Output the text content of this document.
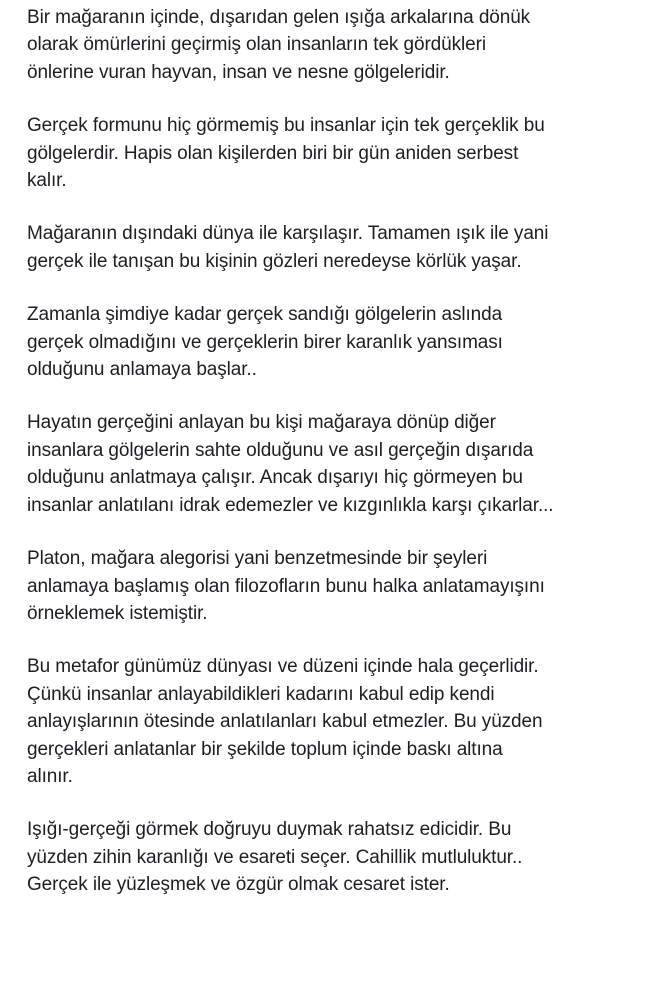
Bir mağaranın içinde, dışarıdan gelen ışığa arkalarına dönük
olarak ömürlerini geçirmiş olan insanların tek gördükleri
önlerine vuran hayvan, insan ve nesne gölgeleridir.

Gerçek formunu hiç görmemiş bu insanlar için tek gerçeklik bu
gölgelerdir. Hapis olan kişilerden biri bir gün aniden serbest
kalır.

Mağaranın dışındaki dünya ile karşılaşır. Tamamen ışık ile yani
gerçek ile tanışan bu kişinin gözleri neredeyse körlük yaşar.

Zamanla şimdiye kadar gerçek sandığı gölgelerin aslında
gerçek olmadığını ve gerçeklerin birer karanlık yansıması
olduğunu anlamaya başlar..

Hayatın gerçeğini anlayan bu kişi mağaraya dönüp diğer
insanlara gölgelerin sahte olduğunu ve asıl gerçeğin dışarıda
olduğunu anlatmaya çalışır. Ancak dışarıyı hiç görmeyen bu
insanlar anlatılanı idrak edemezler ve kızgınlıkla karşı çıkarlar...

Platon, mağara alegorisi yani benzetmesinde bir şeyleri
anlamaya başlamış olan filozofların bunu halka anlatamayışını
örneklemek istemiştir.

Bu metafor günümüz dünyası ve düzeni içinde hala geçerlidir.
Çünkü insanlar anlayabildikleri kadarını kabul edip kendi
anlayışlarının ötesinde anlatılanları kabul etmezler. Bu yüzden
gerçekleri anlatanlar bir şekilde toplum içinde baskı altına
alınır.

Işığı-gerçeği görmek doğruyu duymak rahatsız edicidir. Bu
yüzden zihin karanlığı ve esareti seçer. Cahillik mutluluktur..
Gerçek ile yüzleşmek ve özgür olmak cesaret ister.
